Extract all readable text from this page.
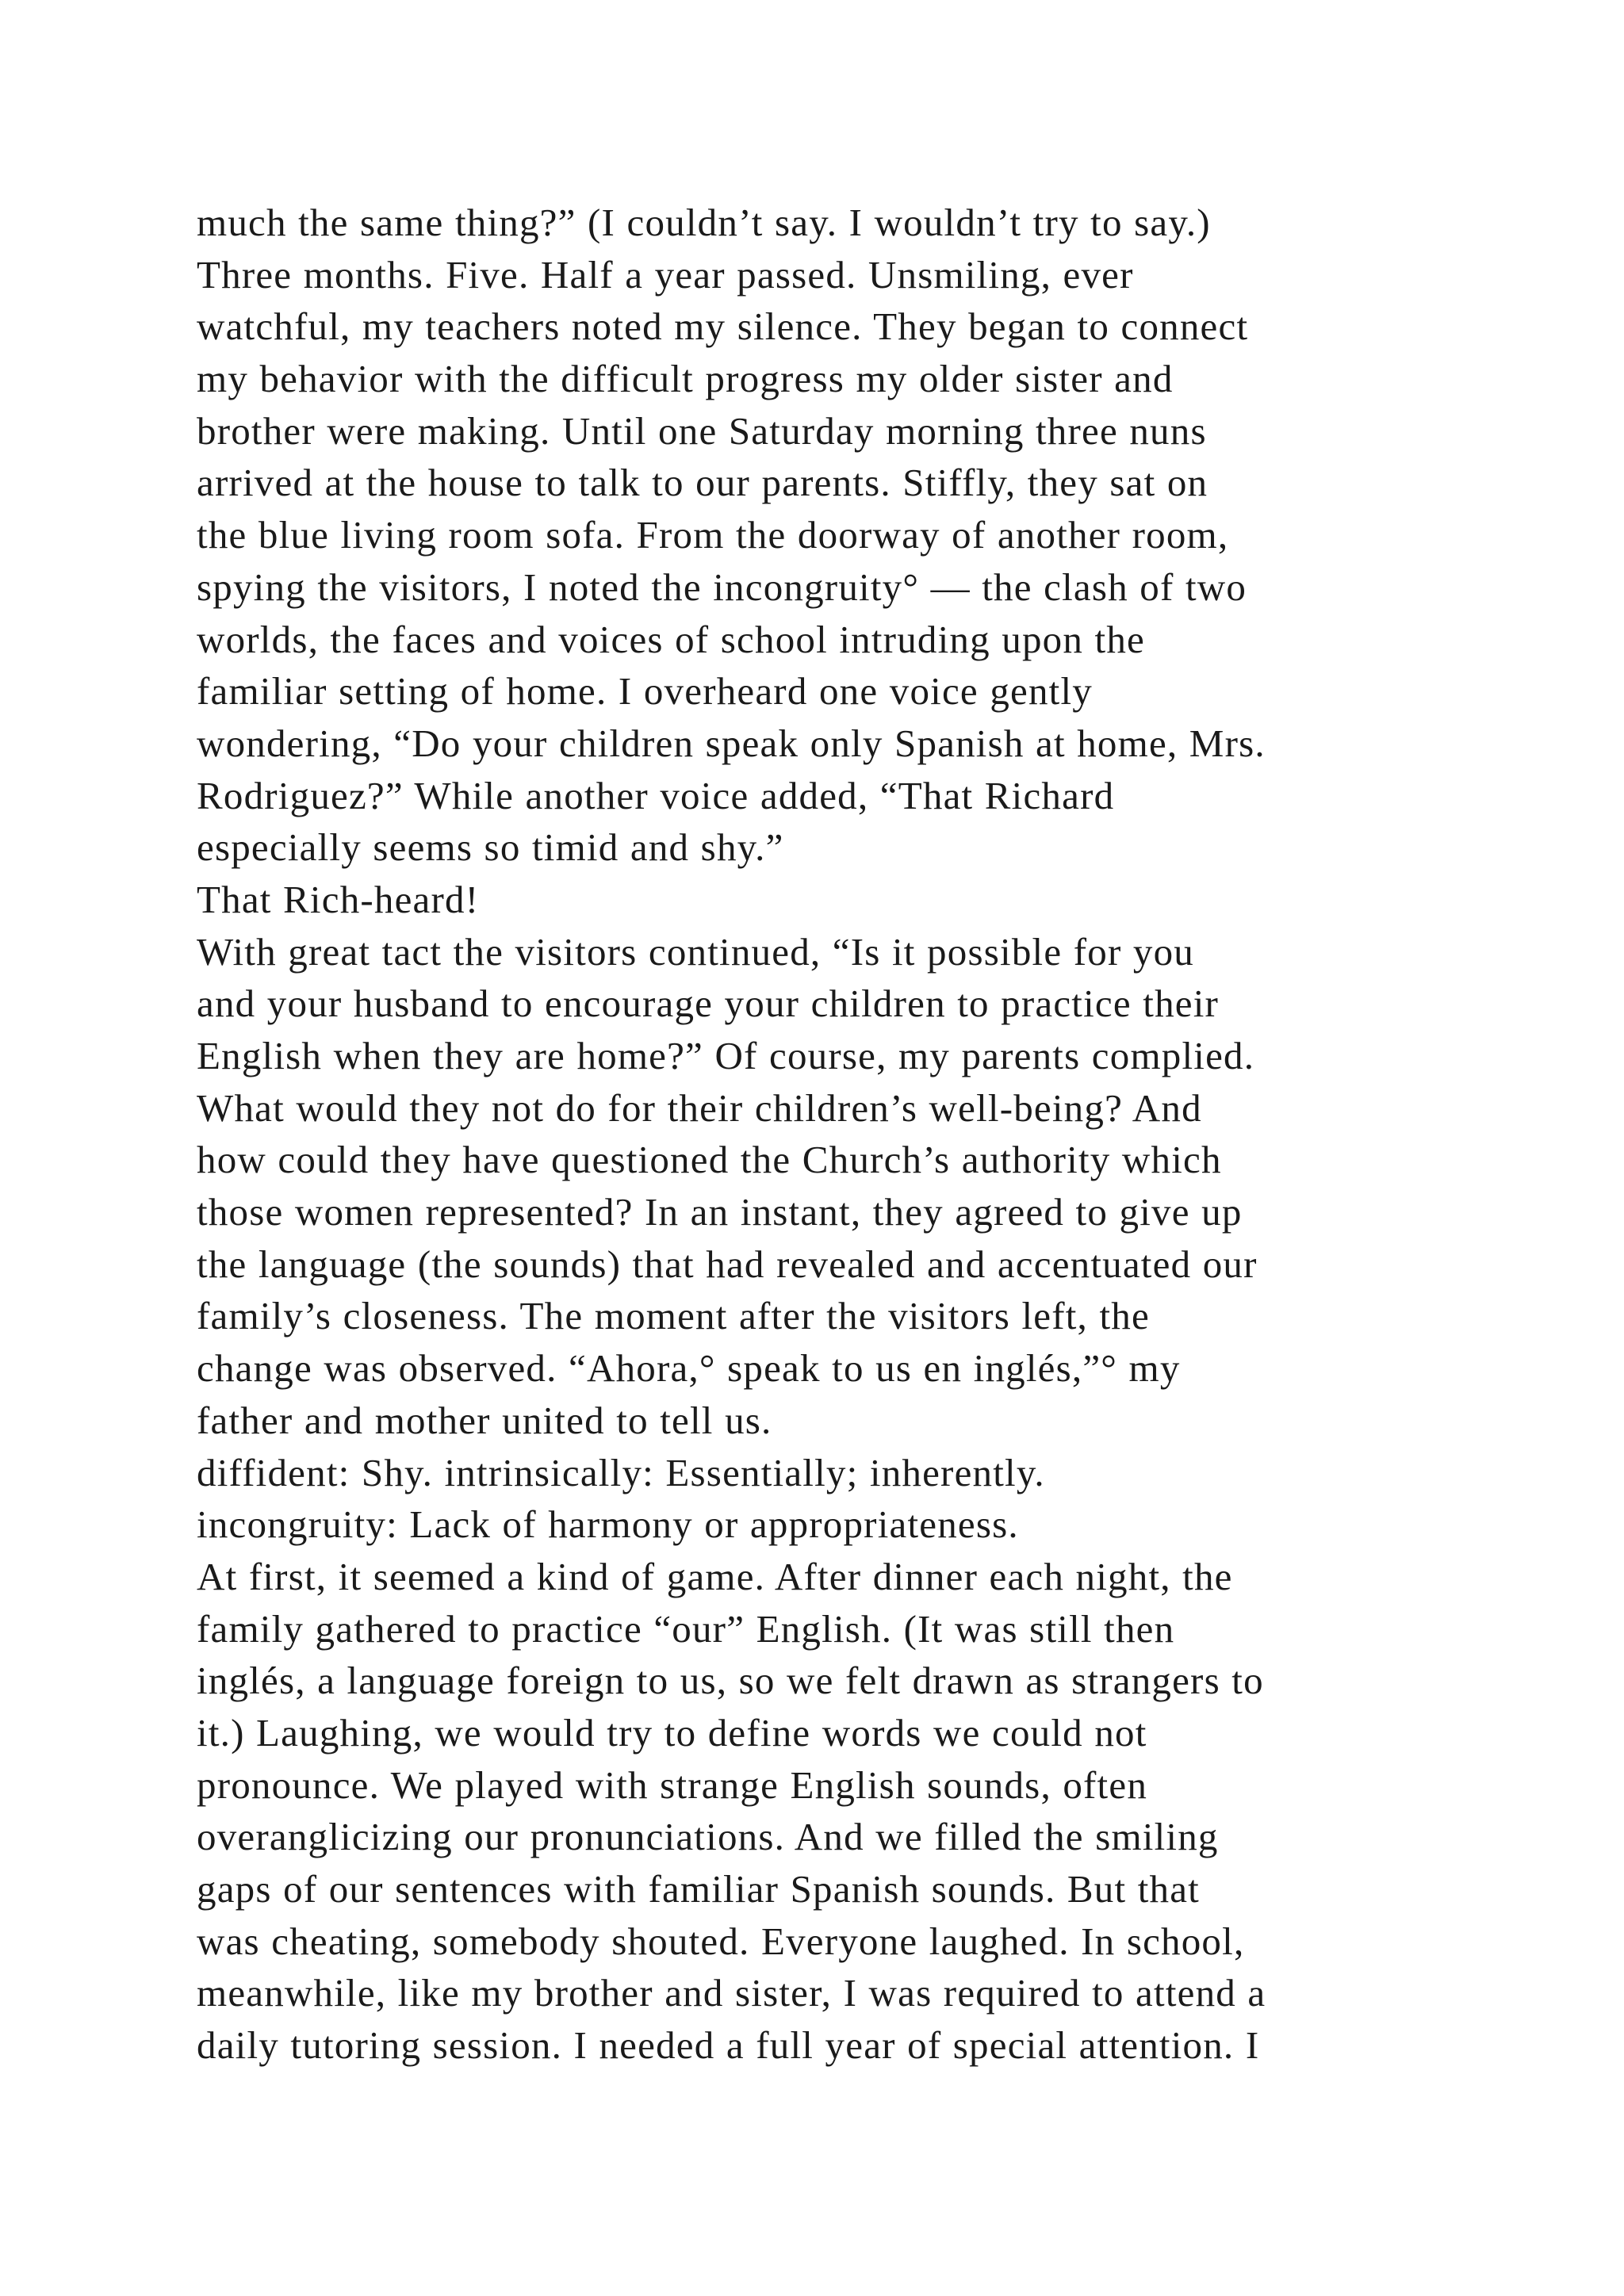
much the same thing?” (I couldn’t say. I wouldn’t try to say.)
Three months. Five. Half a year passed. Unsmiling, ever
watchful, my teachers noted my silence. They began to connect
my behavior with the difficult progress my older sister and
brother were making. Until one Saturday morning three nuns
arrived at the house to talk to our parents. Stiffly, they sat on
the blue living room sofa. From the doorway of another room,
spying the visitors, I noted the incongruity° — the clash of two
worlds, the faces and voices of school intruding upon the
familiar setting of home. I overheard one voice gently
wondering, “Do your children speak only Spanish at home, Mrs.
Rodriguez?” While another voice added, “That Richard
especially seems so timid and shy.”
That Rich-heard!
With great tact the visitors continued, “Is it possible for you
and your husband to encourage your children to practice their
English when they are home?” Of course, my parents complied.
What would they not do for their children’s well-being? And
how could they have questioned the Church’s authority which
those women represented? In an instant, they agreed to give up
the language (the sounds) that had revealed and accentuated our
family’s closeness. The moment after the visitors left, the
change was observed. “Ahora,° speak to us en inglés,”° my
father and mother united to tell us.
diffident: Shy. intrinsically: Essentially; inherently.
incongruity: Lack of harmony or appropriateness.
At first, it seemed a kind of game. After dinner each night, the
family gathered to practice “our” English. (It was still then
inglés, a language foreign to us, so we felt drawn as strangers to
it.) Laughing, we would try to define words we could not
pronounce. We played with strange English sounds, often
overanglicizing our pronunciations. And we filled the smiling
gaps of our sentences with familiar Spanish sounds. But that
was cheating, somebody shouted. Everyone laughed. In school,
meanwhile, like my brother and sister, I was required to attend a
daily tutoring session. I needed a full year of special attention. I
